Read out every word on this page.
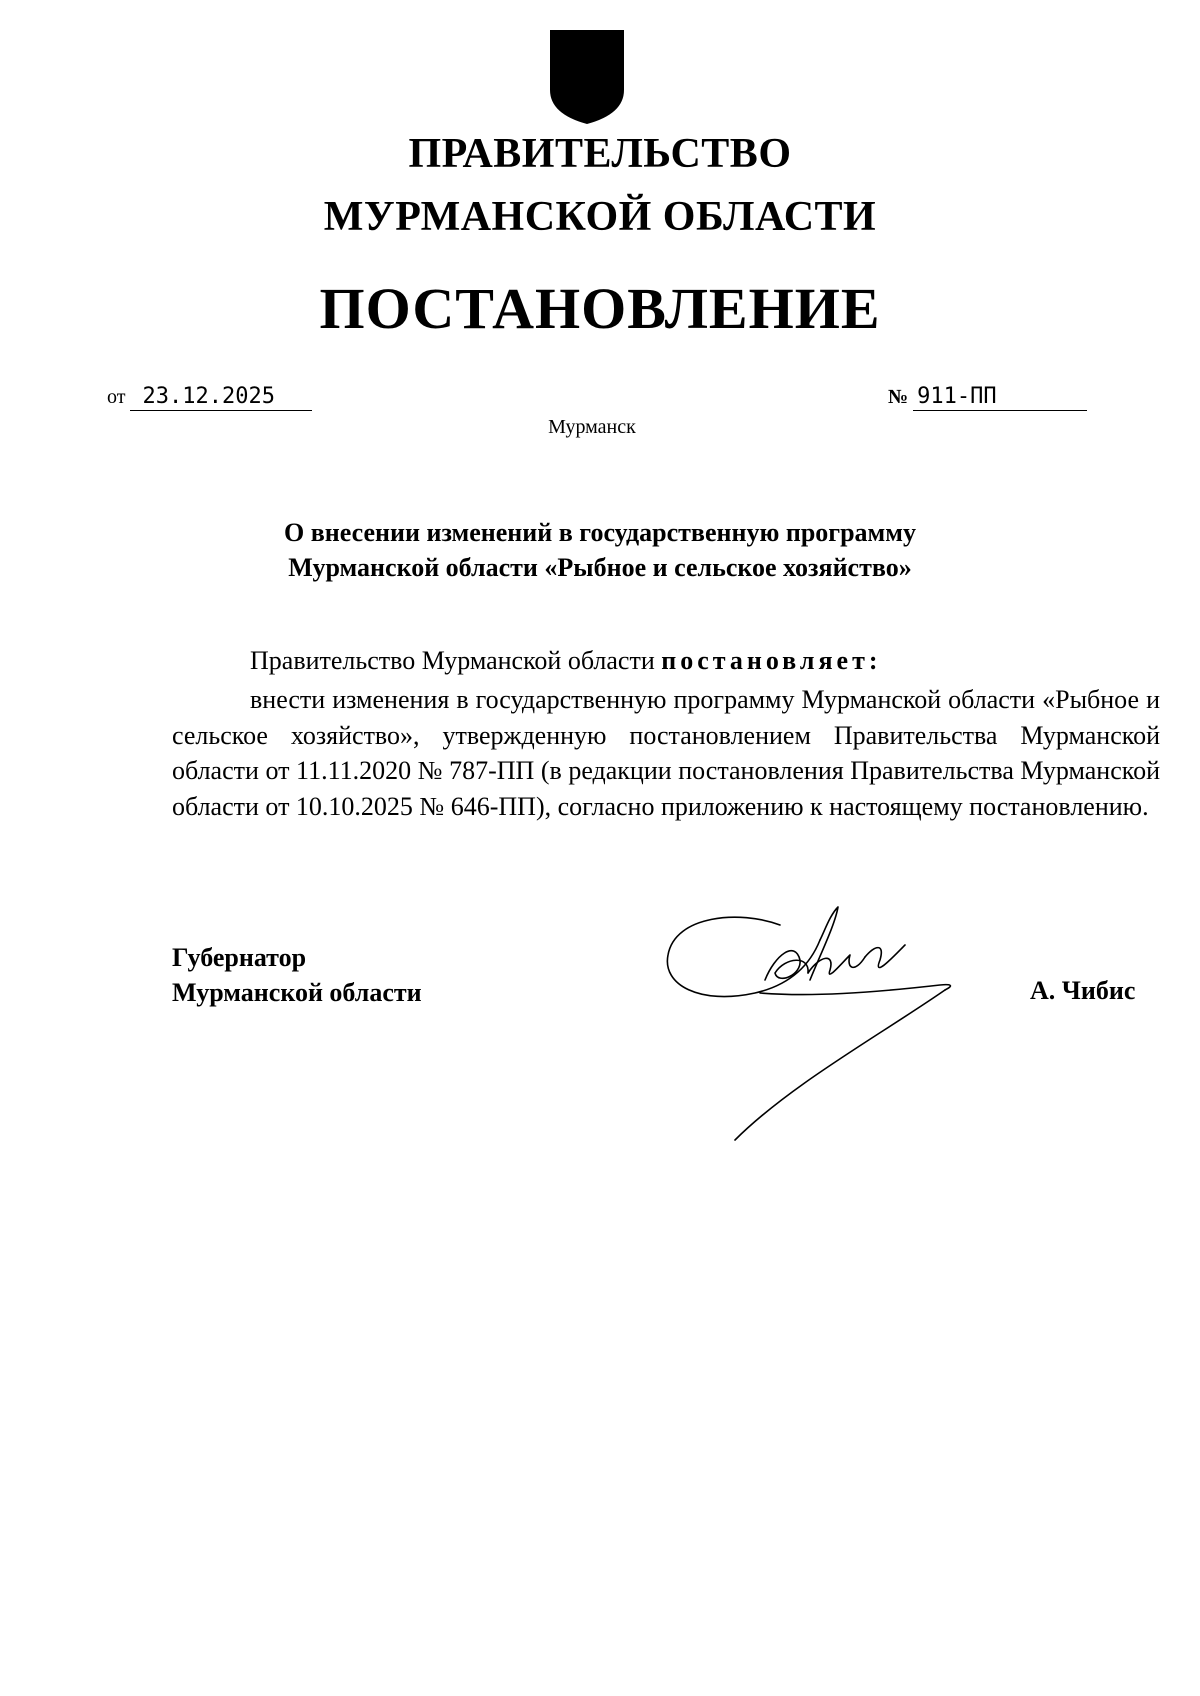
ПРАВИТЕЛЬСТВО
МУРМАНСКОЙ ОБЛАСТИ
ПОСТАНОВЛЕНИЕ
от 23.12.2025	№ 911-ПП
Мурманск
О внесении изменений в государственную программу
Мурманской области «Рыбное и сельское хозяйство»
Правительство Мурманской области постановляет:

внести изменения в государственную программу Мурманской области «Рыбное и сельское хозяйство», утвержденную постановлением Правительства Мурманской области от 11.11.2020 № 787-ПП (в редакции постановления Правительства Мурманской области от 10.10.2025 № 646-ПП), согласно приложению к настоящему постановлению.

Губернатор
Мурманской области	А. Чибис
